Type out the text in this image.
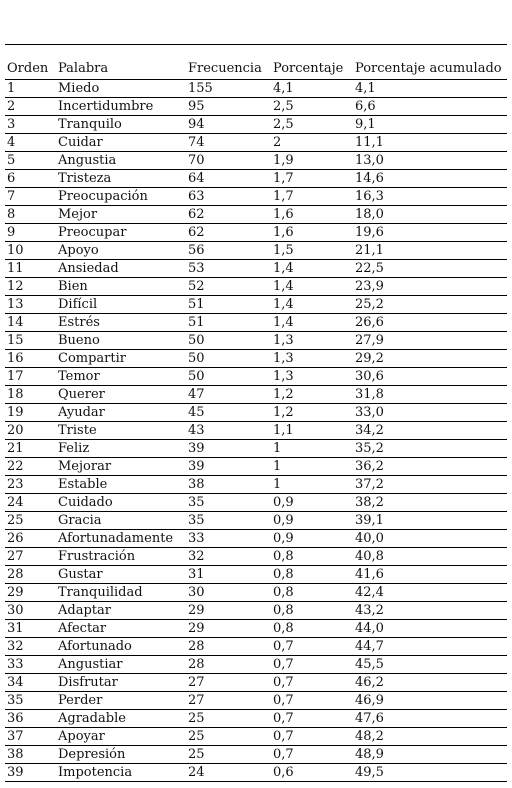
Orden	Palabra	Frecuencia	Porcentaje	Porcentaje acumulado
1	Miedo	155	4,1	4,1
2	Incertidumbre	95	2,5	6,6
3	Tranquilo	94	2,5	9,1
4	Cuidar	74	2	11,1
5	Angustia	70	1,9	13,0
6	Tristeza	64	1,7	14,6
7	Preocupación	63	1,7	16,3
8	Mejor	62	1,6	18,0
9	Preocupar	62	1,6	19,6
10	Apoyo	56	1,5	21,1
11	Ansiedad	53	1,4	22,5
12	Bien	52	1,4	23,9
13	Difícil	51	1,4	25,2
14	Estrés	51	1,4	26,6
15	Bueno	50	1,3	27,9
16	Compartir	50	1,3	29,2
17	Temor	50	1,3	30,6
18	Querer	47	1,2	31,8
19	Ayudar	45	1,2	33,0
20	Triste	43	1,1	34,2
21	Feliz	39	1	35,2
22	Mejorar	39	1	36,2
23	Estable	38	1	37,2
24	Cuidado	35	0,9	38,2
25	Gracia	35	0,9	39,1
26	Afortunadamente	33	0,9	40,0
27	Frustración	32	0,8	40,8
28	Gustar	31	0,8	41,6
29	Tranquilidad	30	0,8	42,4
30	Adaptar	29	0,8	43,2
31	Afectar	29	0,8	44,0
32	Afortunado	28	0,7	44,7
33	Angustiar	28	0,7	45,5
34	Disfrutar	27	0,7	46,2
35	Perder	27	0,7	46,9
36	Agradable	25	0,7	47,6
37	Apoyar	25	0,7	48,2
38	Depresión	25	0,7	48,9
39	Impotencia	24	0,6	49,5
